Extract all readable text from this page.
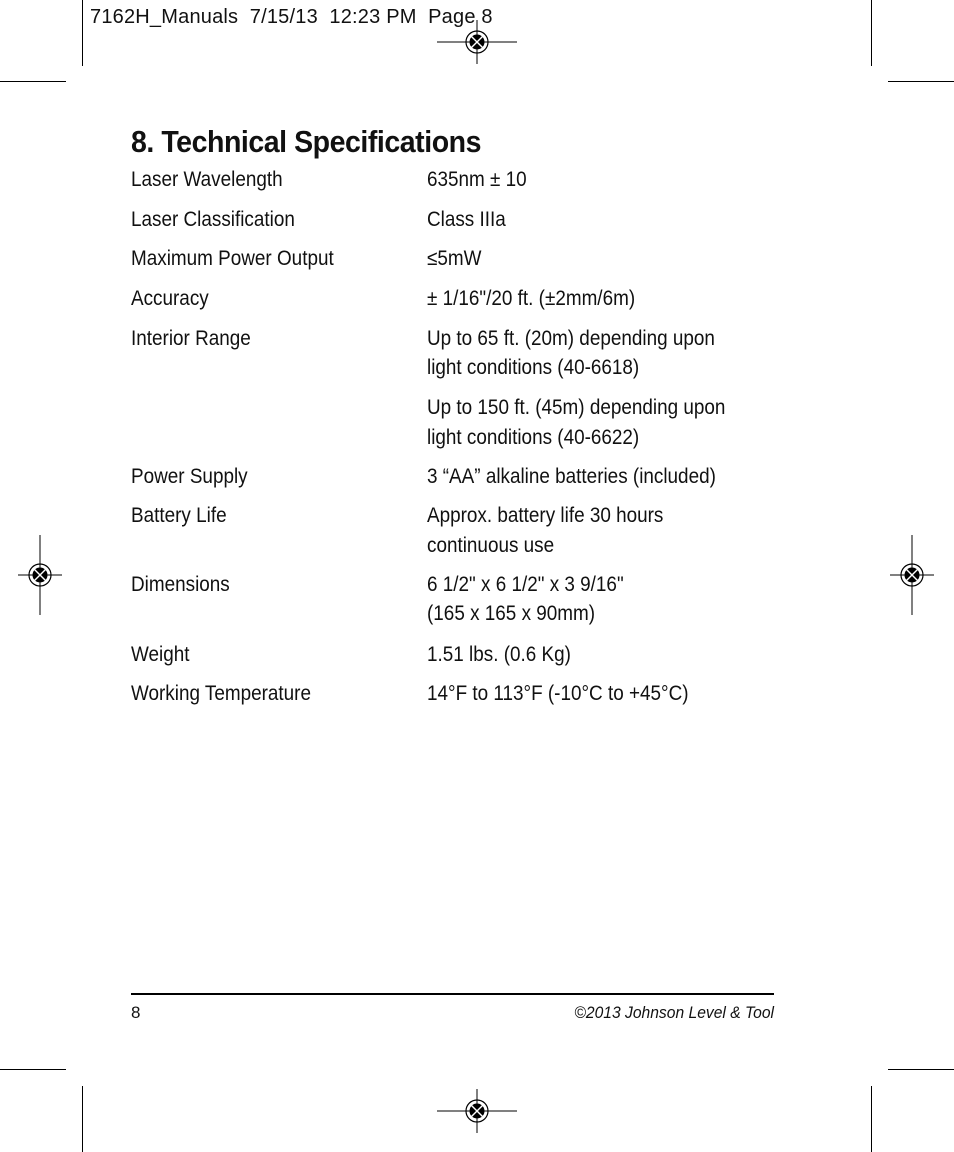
7162H_Manuals  7/15/13  12:23 PM  Page 8
8. Technical Specifications
Laser Wavelength	635nm ± 10
Laser Classification	Class IIIa
Maximum Power Output	≤5mW
Accuracy	± 1/16"/20 ft. (±2mm/6m)
Interior Range	Up to 65 ft. (20m) depending upon
light conditions (40-6618)
Up to 150 ft. (45m) depending upon
light conditions (40-6622)
Power Supply	3 “AA” alkaline batteries (included)
Battery Life	Approx. battery life 30 hours
continuous use
Dimensions	6 1/2" x 6 1/2" x 3 9/16"
(165 x 165 x 90mm)
Weight	1.51 lbs. (0.6 Kg)
Working Temperature	14°F to 113°F (-10°C to +45°C)
8	©2013 Johnson Level & Tool
